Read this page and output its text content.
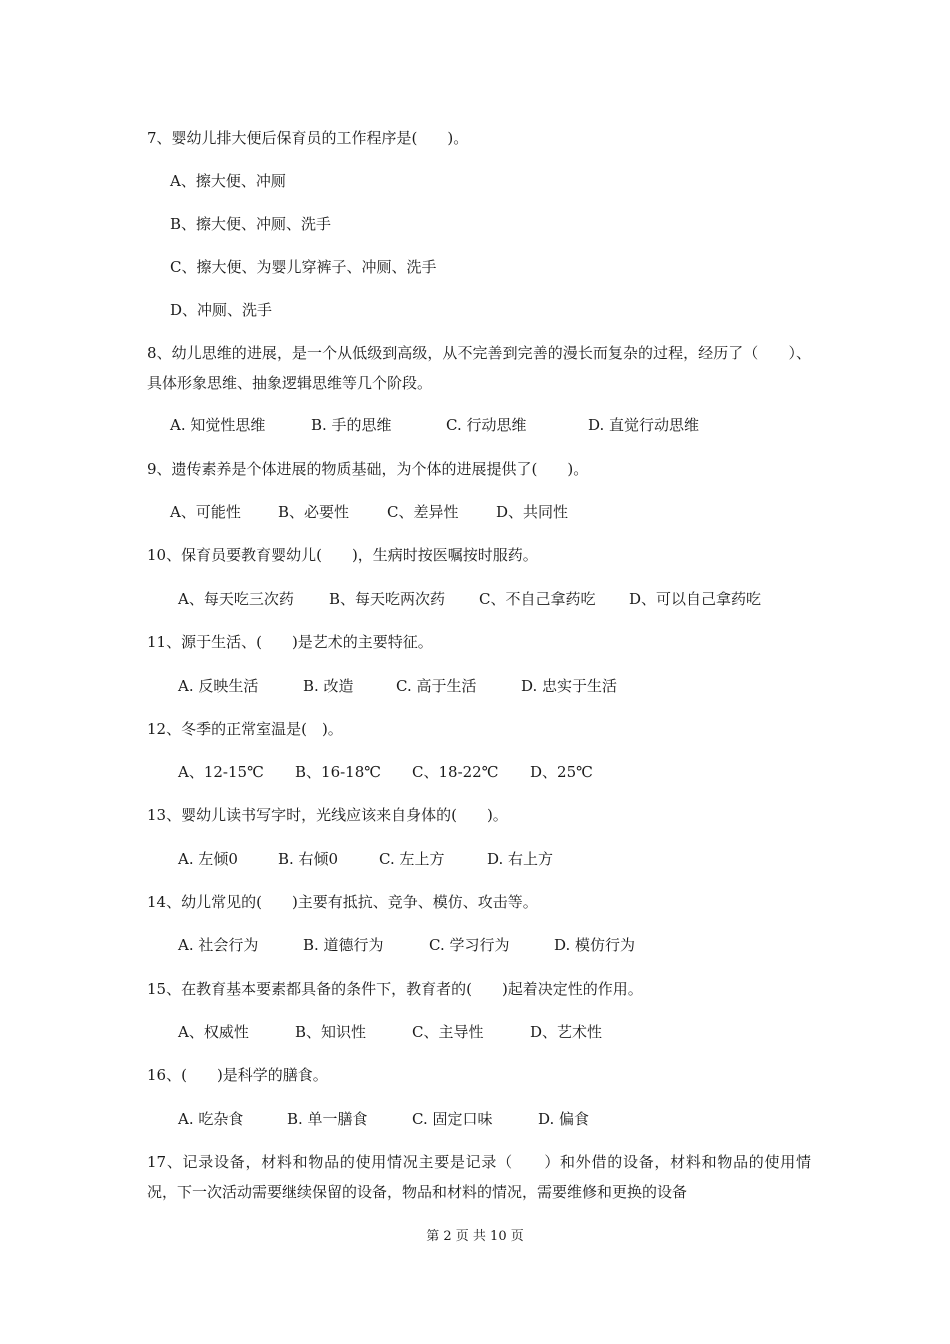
7、婴幼儿排大便后保育员的工作程序是(　　)。
A、擦大便、冲厕
B、擦大便、冲厕、洗手
C、擦大便、为婴儿穿裤子、冲厕、洗手
D、冲厕、洗手
8、幼儿思维的进展，是一个从低级到高级，从不完善到完善的漫长而复杂的过程，经历了（　　）、具体形象思维、抽象逻辑思维等几个阶段。
A. 知觉性思维	B. 手的思维	C. 行动思维	D. 直觉行动思维
9、遗传素养是个体进展的物质基础，为个体的进展提供了(　　)。
A、可能性 B、必要性	C、差异性	D、共同性
10、保育员要教育婴幼儿(　　)，生病时按医嘱按时服药。
A、每天吃三次药 B、每天吃两次药 C、不自己拿药吃 D、可以自己拿药吃
11、源于生活、(　　)是艺术的主要特征。
A. 反映生活	B. 改造	C. 高于生活	D. 忠实于生活
12、冬季的正常室温是(　)。
A、12-15℃ B、16-18℃ C、18-22℃ D、25℃
13、婴幼儿读书写字时，光线应该来自身体的(　　)。
A. 左倾0	B. 右倾0	C. 左上方	D. 右上方
14、幼儿常见的(　　)主要有抵抗、竞争、模仿、攻击等。
A. 社会行为	B. 道德行为	C. 学习行为	D. 模仿行为
15、在教育基本要素都具备的条件下，教育者的(　　)起着决定性的作用。
A、权威性	B、知识性	C、主导性	D、艺术性
16、(　　)是科学的膳食。
A. 吃杂食	B. 单一膳食	C. 固定口味	D. 偏食
17、记录设备，材料和物品的使用情况主要是记录（　　）和外借的设备，材料和物品的使用情况，下一次活动需要继续保留的设备，物品和材料的情况，需要维修和更换的设备
第 2 页 共 10 页
